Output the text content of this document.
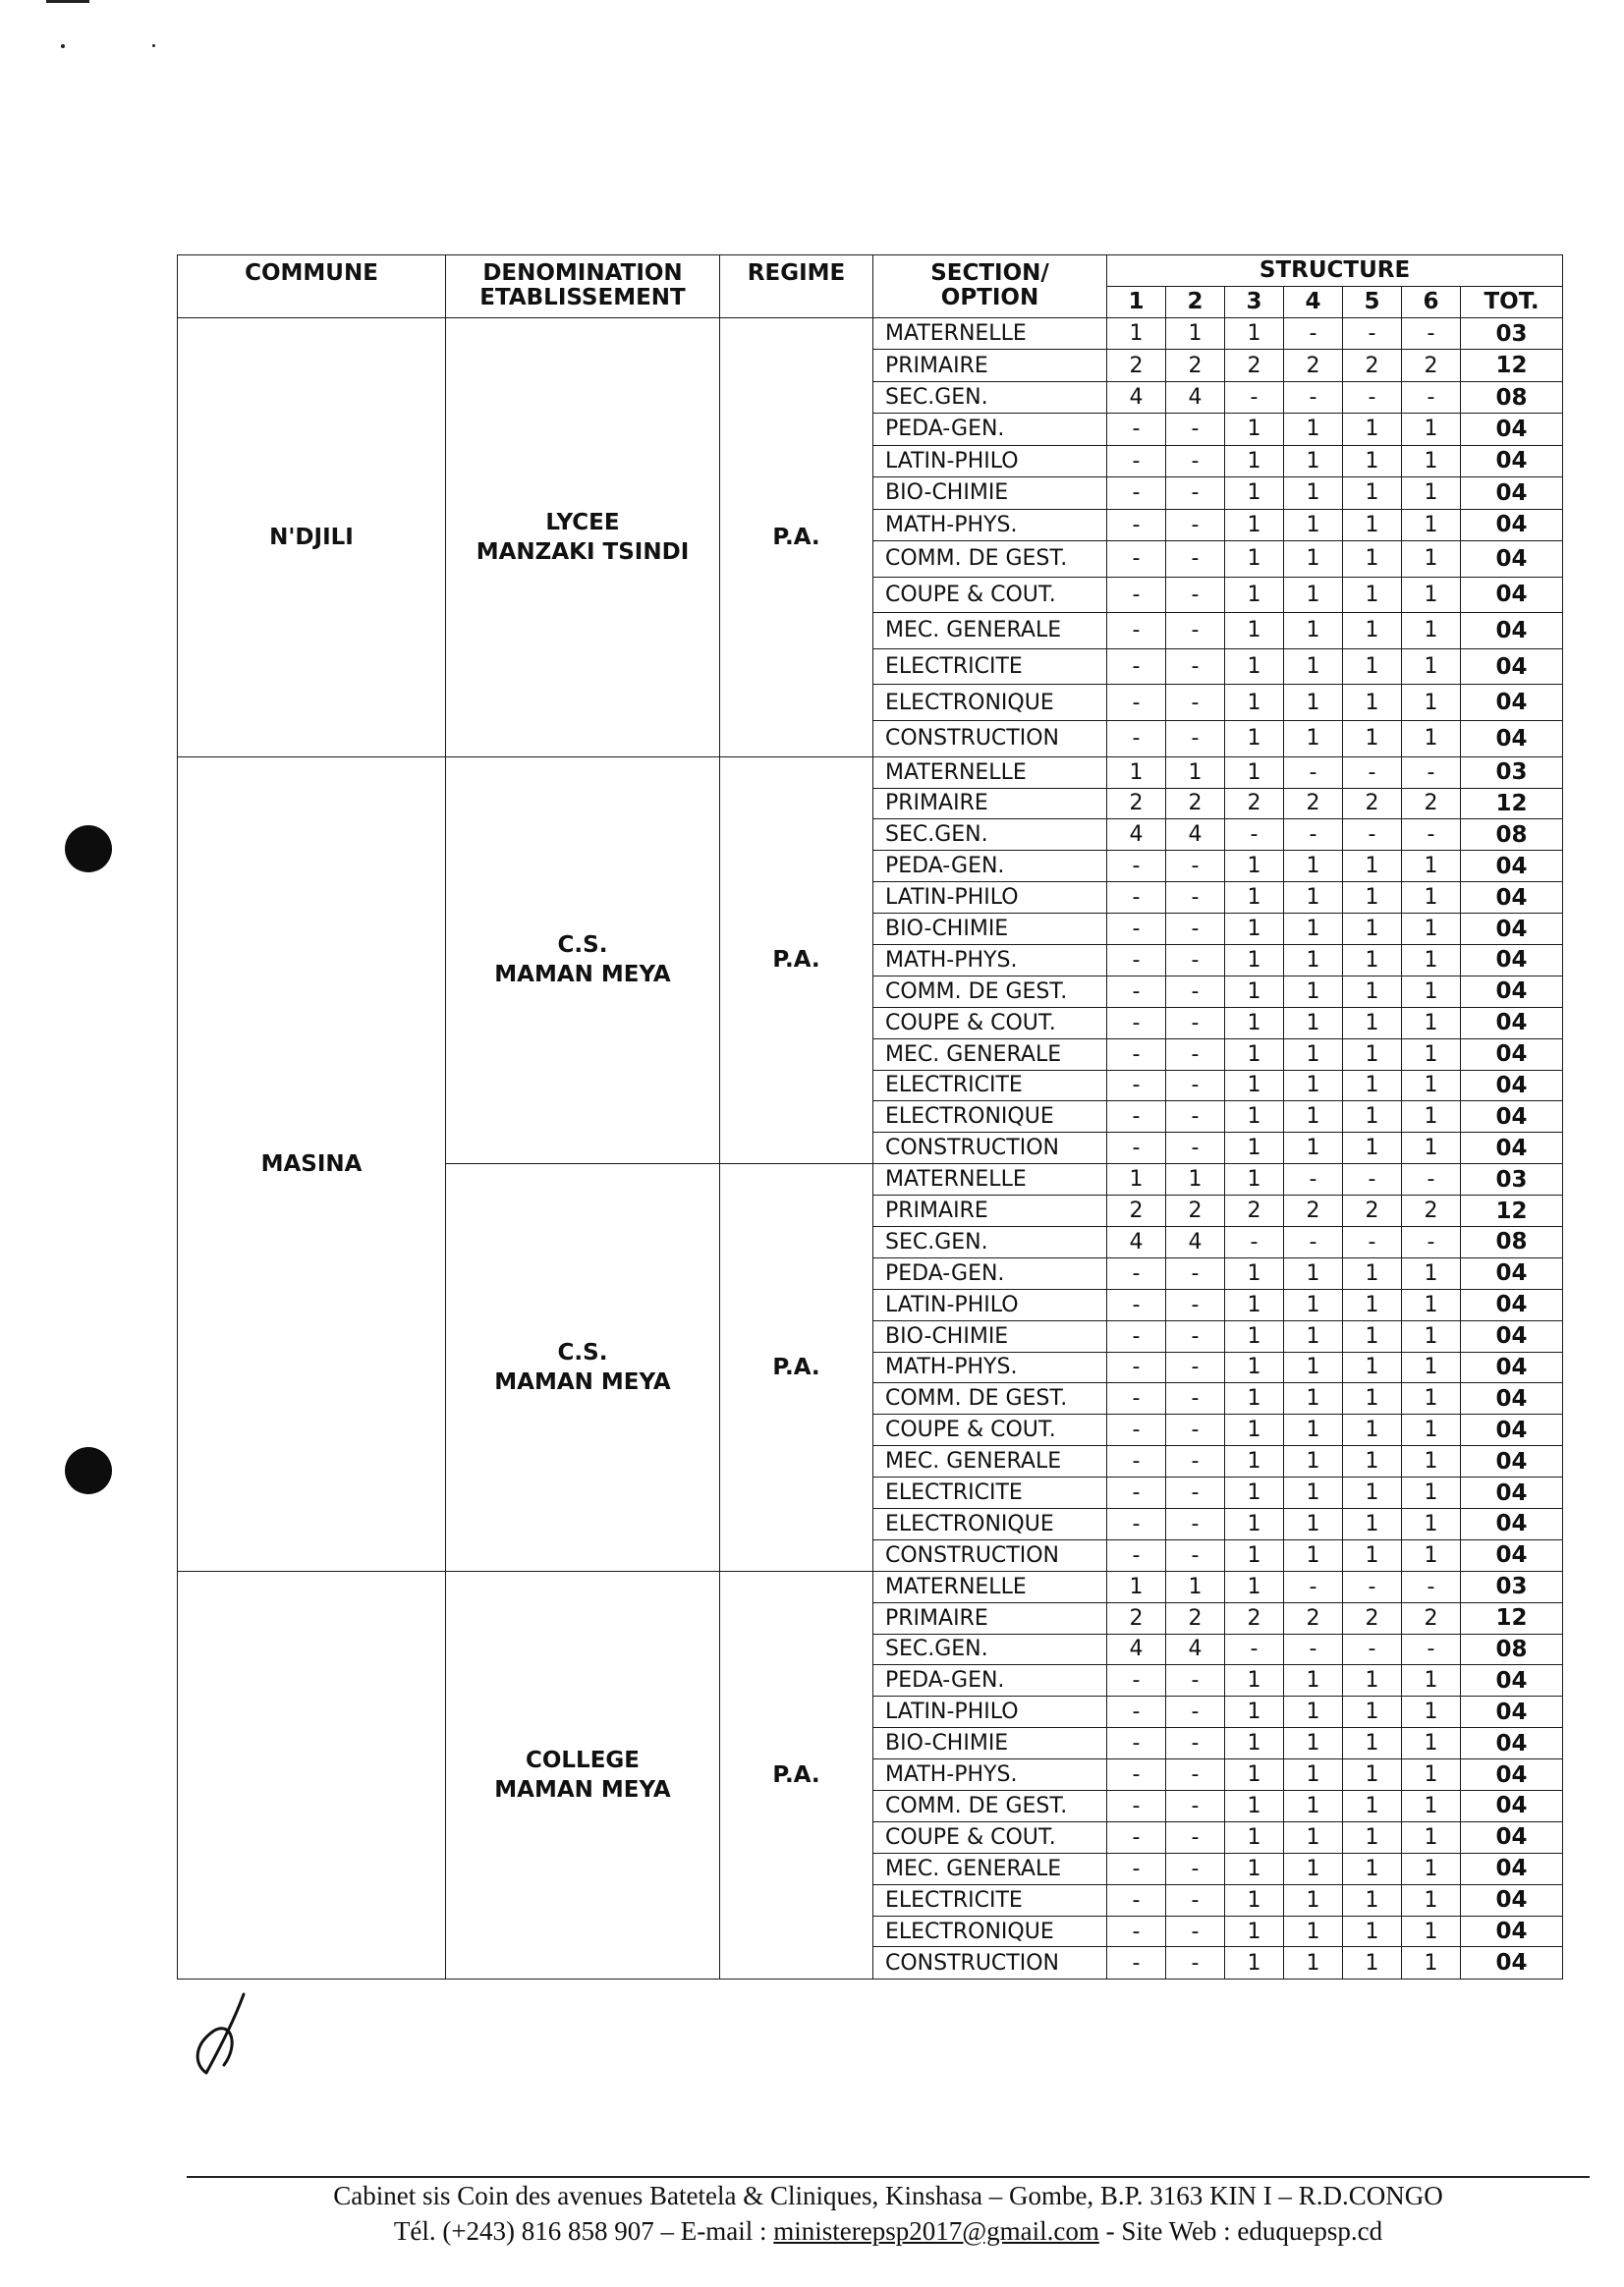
COMMUNE	DENOMINATION
ETABLISSEMENT	REGIME	SECTION/
OPTION	STRUCTURE						
				1	2	3	4	5	6	TOT.
N'DJILI	LYCEE
MANZAKI TSINDI	P.A.	MATERNELLE	1	1	1	-	-	-	03
			PRIMAIRE	2	2	2	2	2	2	12
			SEC.GEN.	4	4	-	-	-	-	08
			PEDA-GEN.	-	-	1	1	1	1	04
			LATIN-PHILO	-	-	1	1	1	1	04
			BIO-CHIMIE	-	-	1	1	1	1	04
			MATH-PHYS.	-	-	1	1	1	1	04
			COMM. DE GEST.	-	-	1	1	1	1	04
			COUPE & COUT.	-	-	1	1	1	1	04
			MEC. GENERALE	-	-	1	1	1	1	04
			ELECTRICITE	-	-	1	1	1	1	04
			ELECTRONIQUE	-	-	1	1	1	1	04
			CONSTRUCTION	-	-	1	1	1	1	04
MASINA	C.S.
MAMAN MEYA	P.A.	MATERNELLE	1	1	1	-	-	-	03
			PRIMAIRE	2	2	2	2	2	2	12
			SEC.GEN.	4	4	-	-	-	-	08
			PEDA-GEN.	-	-	1	1	1	1	04
			LATIN-PHILO	-	-	1	1	1	1	04
			BIO-CHIMIE	-	-	1	1	1	1	04
			MATH-PHYS.	-	-	1	1	1	1	04
			COMM. DE GEST.	-	-	1	1	1	1	04
			COUPE & COUT.	-	-	1	1	1	1	04
			MEC. GENERALE	-	-	1	1	1	1	04
			ELECTRICITE	-	-	1	1	1	1	04
			ELECTRONIQUE	-	-	1	1	1	1	04
			CONSTRUCTION	-	-	1	1	1	1	04
	C.S.
MAMAN MEYA	P.A.	MATERNELLE	1	1	1	-	-	-	03
			PRIMAIRE	2	2	2	2	2	2	12
			SEC.GEN.	4	4	-	-	-	-	08
			PEDA-GEN.	-	-	1	1	1	1	04
			LATIN-PHILO	-	-	1	1	1	1	04
			BIO-CHIMIE	-	-	1	1	1	1	04
			MATH-PHYS.	-	-	1	1	1	1	04
			COMM. DE GEST.	-	-	1	1	1	1	04
			COUPE & COUT.	-	-	1	1	1	1	04
			MEC. GENERALE	-	-	1	1	1	1	04
			ELECTRICITE	-	-	1	1	1	1	04
			ELECTRONIQUE	-	-	1	1	1	1	04
			CONSTRUCTION	-	-	1	1	1	1	04
	COLLEGE
MAMAN MEYA	P.A.	MATERNELLE	1	1	1	-	-	-	03
			PRIMAIRE	2	2	2	2	2	2	12
			SEC.GEN.	4	4	-	-	-	-	08
			PEDA-GEN.	-	-	1	1	1	1	04
			LATIN-PHILO	-	-	1	1	1	1	04
			BIO-CHIMIE	-	-	1	1	1	1	04
			MATH-PHYS.	-	-	1	1	1	1	04
			COMM. DE GEST.	-	-	1	1	1	1	04
			COUPE & COUT.	-	-	1	1	1	1	04
			MEC. GENERALE	-	-	1	1	1	1	04
			ELECTRICITE	-	-	1	1	1	1	04
			ELECTRONIQUE	-	-	1	1	1	1	04
			CONSTRUCTION	-	-	1	1	1	1	04
Cabinet sis Coin des avenues Batetela & Cliniques, Kinshasa – Gombe, B.P. 3163 KIN I – R.D.CONGO
Tél. (+243) 816 858 907 – E-mail : ministerepsp2017@gmail.com - Site Web : eduquepsp.cd
